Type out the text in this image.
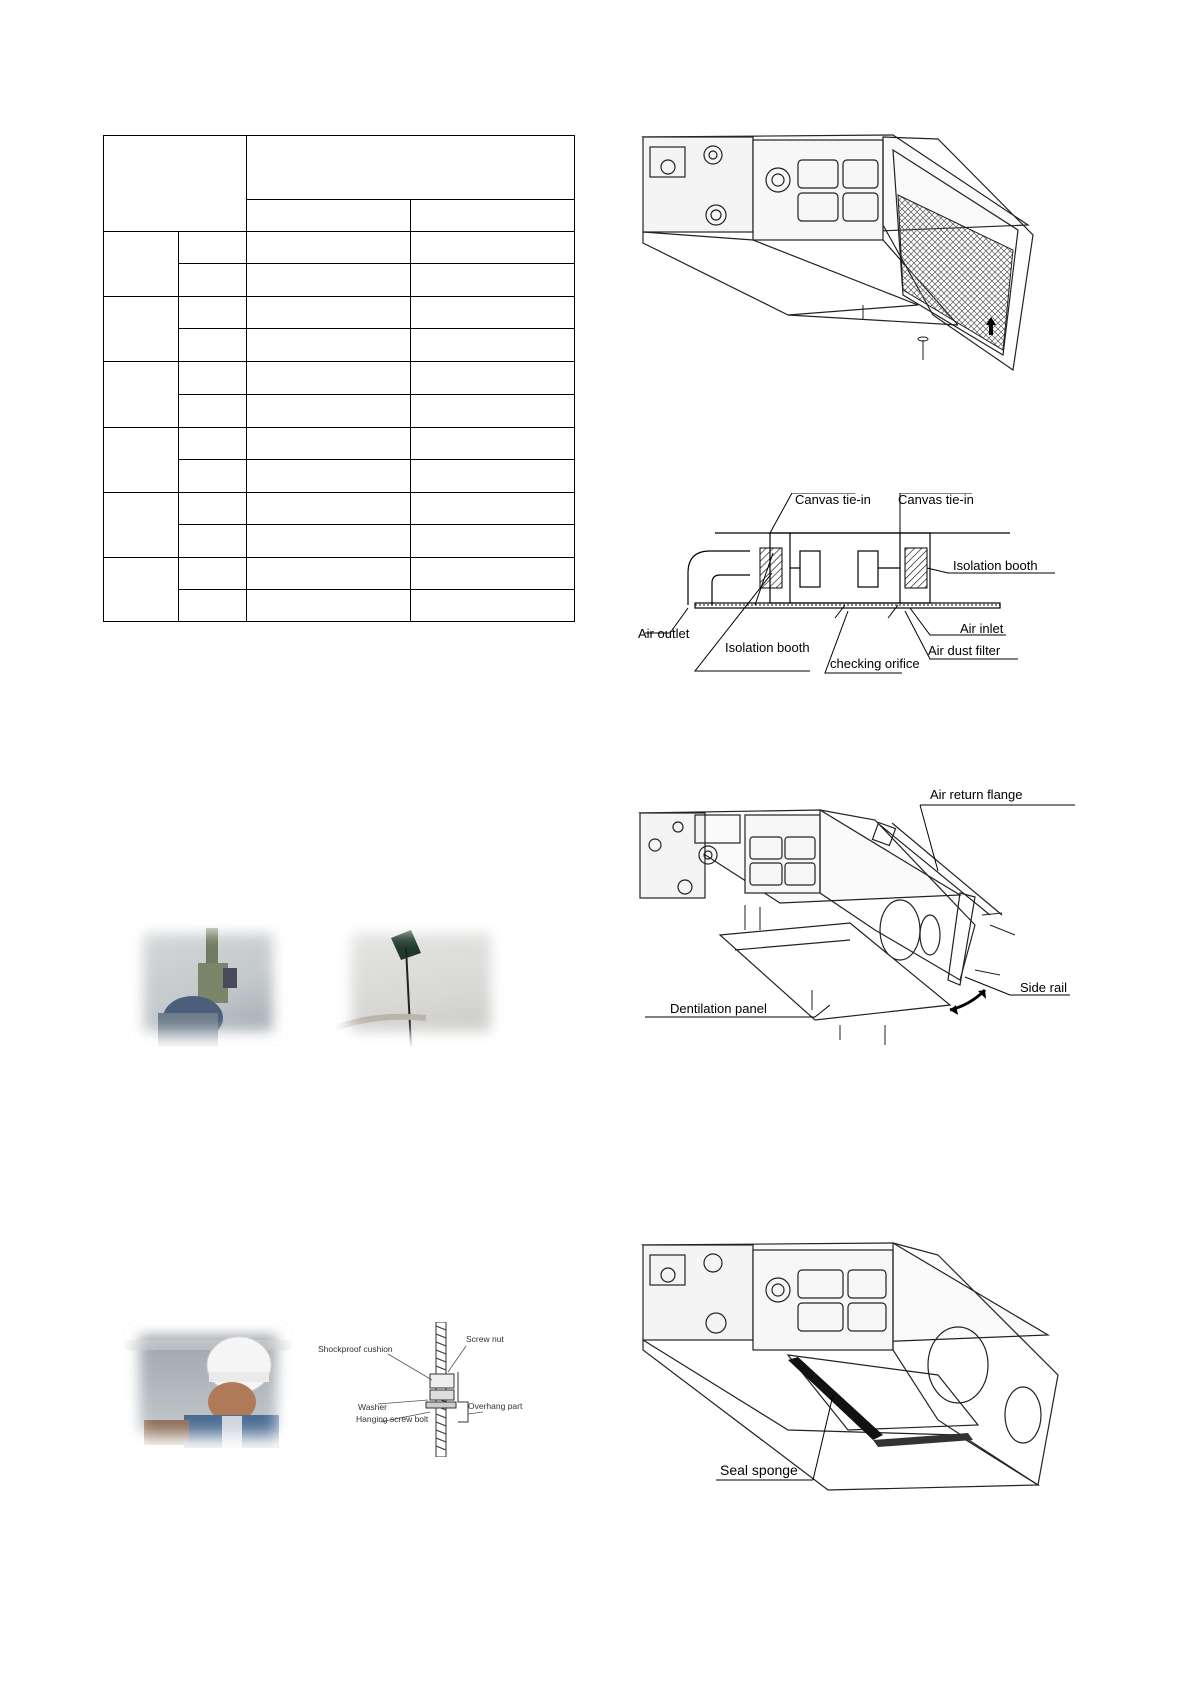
Canvas tie-in Canvas tie-in
Isolation booth
Air inlet
Air outlet
Air dust filter
Isolation booth
checking orifice
Air return flange
Side rail
Dentilation panel
Seal sponge
Shockproof cushion
Screw nut
Washer	Overhang part
Hanging screw bolt
